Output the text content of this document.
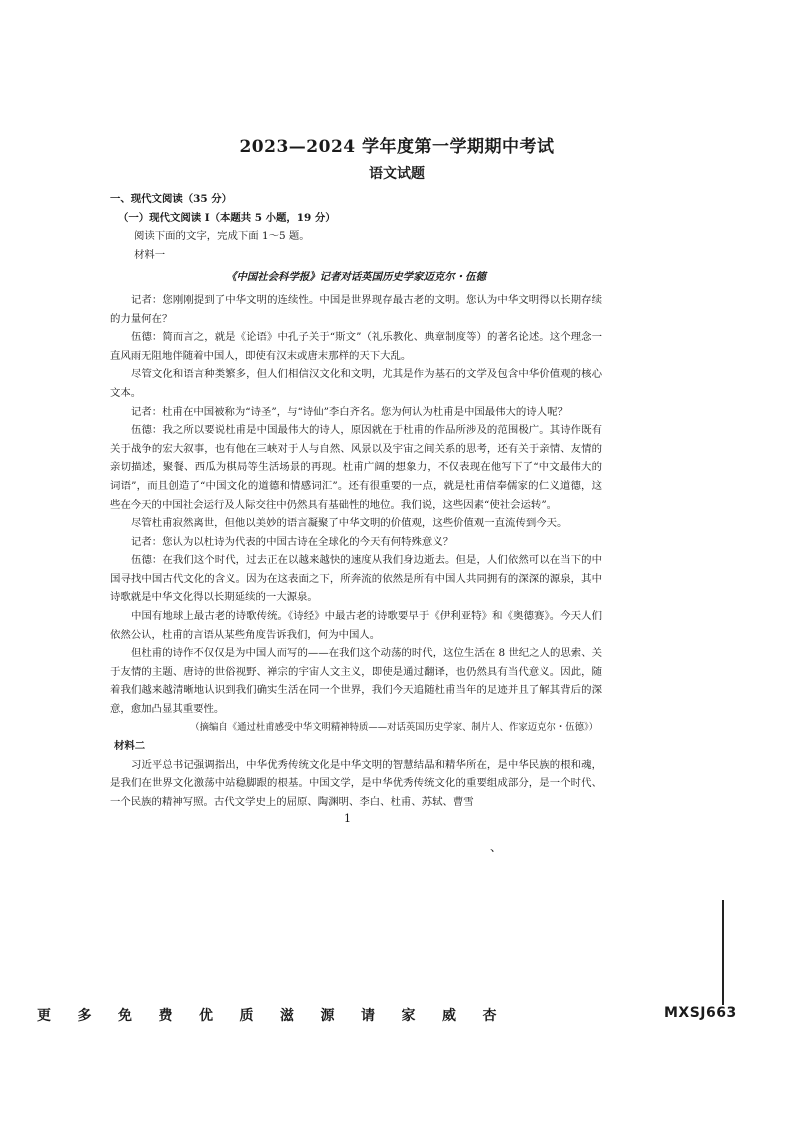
2023—2024 学年度第一学期期中考试
语文试题

一、现代文阅读（35 分）

（一）现代文阅读 Ⅰ（本题共 5 小题，19 分）

阅读下面的文字，完成下面 1～5 题。

材料一

《中国社会科学报》记者对话英国历史学家迈克尔・伍德

记者：您刚刚提到了中华文明的连续性。中国是世界现存最古老的文明。您认为中华文明得以长期存续的力量何在？

伍德：简而言之，就是《论语》中孔子关于“斯文”（礼乐教化、典章制度等）的著名论述。这个理念一直风雨无阻地伴随着中国人，即使有汉末或唐末那样的天下大乱。

尽管文化和语言种类繁多，但人们相信汉文化和文明，尤其是作为基石的文学及包含中华价值观的核心文本。

记者：杜甫在中国被称为“诗圣”，与“诗仙”李白齐名。您为何认为杜甫是中国最伟大的诗人呢？

伍德：我之所以要说杜甫是中国最伟大的诗人，原因就在于杜甫的作品所涉及的范围极广。其诗作既有关于战争的宏大叙事，也有他在三峡对于人与自然、风景以及宇宙之间关系的思考，还有关于亲情、友情的亲切描述，聚餐、西瓜为棋局等生活场景的再现。杜甫广阔的想象力，不仅表现在他写下了“中文最伟大的词语”，而且创造了“中国文化的道德和情感词汇”。还有很重要的一点，就是杜甫信奉儒家的仁义道德，这些在今天的中国社会运行及人际交往中仍然具有基础性的地位。我们说，这些因素“使社会运转”。

尽管杜甫寂然离世，但他以美妙的语言凝聚了中华文明的价值观，这些价值观一直流传到今天。

记者：您认为以杜诗为代表的中国古诗在全球化的今天有何特殊意义？

伍德：在我们这个时代，过去正在以越来越快的速度从我们身边逝去。但是，人们依然可以在当下的中国寻找中国古代文化的含义。因为在这表面之下，所奔流的依然是所有中国人共同拥有的深深的源泉，其中诗歌就是中华文化得以长期延续的一大源泉。

中国有地球上最古老的诗歌传统。《诗经》中最古老的诗歌要早于《伊利亚特》和《奥德赛》。今天人们依然公认，杜甫的言语从某些角度告诉我们，何为中国人。

但杜甫的诗作不仅仅是为中国人而写的——在我们这个动荡的时代，这位生活在 8 世纪之人的思索、关于友情的主题、唐诗的世俗视野、禅宗的宇宙人文主义，即使是通过翻译，也仍然具有当代意义。因此，随着我们越来越清晰地认识到我们确实生活在同一个世界，我们今天追随杜甫当年的足迹并且了解其背后的深意，愈加凸显其重要性。

（摘编自《通过杜甫感受中华文明精神特质——对话英国历史学家、制片人、作家迈克尔・伍德》）

材料二

习近平总书记强调指出，中华优秀传统文化是中华文明的智慧结晶和精华所在，是中华民族的根和魂，是我们在世界文化激荡中站稳脚跟的根基。中国文学，是中华优秀传统文化的重要组成部分，是一个时代、一个民族的精神写照。古代文学史上的屈原、陶渊明、李白、杜甫、苏轼、曹雪

1
、
更多免费优质滋源请家威杏	MXSJ663
